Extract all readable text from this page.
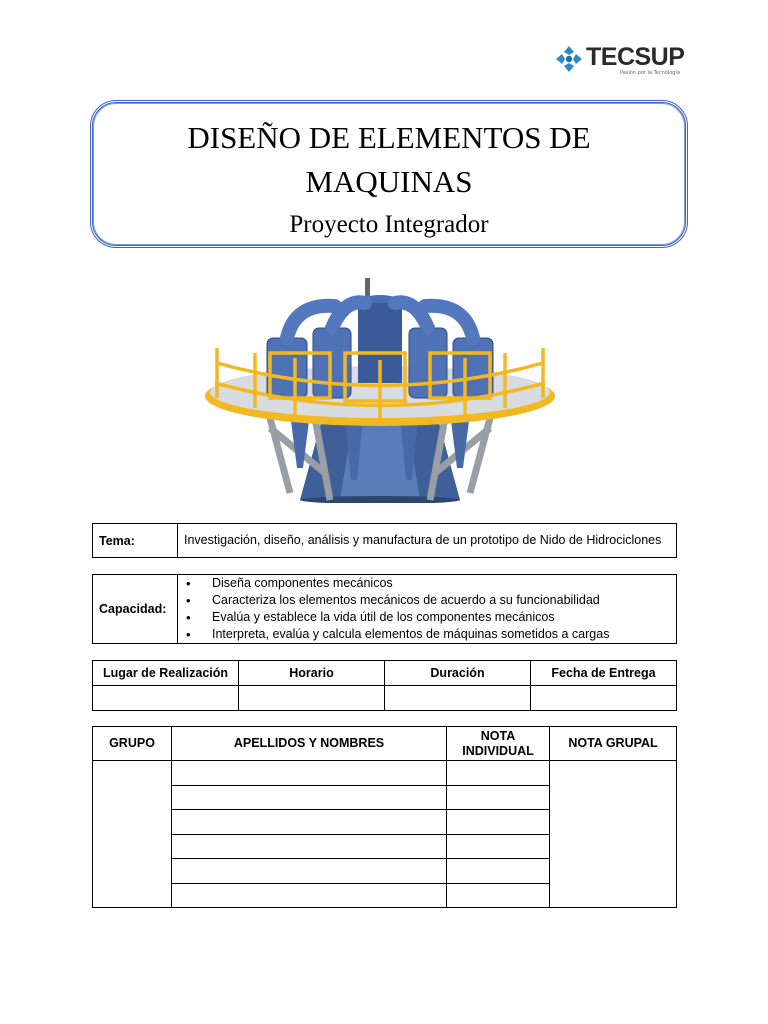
TECSUP
Pasión por la Tecnología
DISEÑO DE ELEMENTOS DE
MAQUINAS
Proyecto Integrador
Tema:	Investigación, diseño, análisis y manufactura de un prototipo de Nido de Hidrociclones
Capacidad:	
• Diseña componentes mecánicos
• Caracteriza los elementos mecánicos de acuerdo a su funcionabilidad
• Evalúa y establece la vida útil de los componentes mecánicos
• Interpreta, evalúa y calcula elementos de máquinas sometidos a cargas
Lugar de Realización	Horario	Duración	Fecha de Entrega

GRUPO	APELLIDOS Y NOMBRES	NOTA INDIVIDUAL	NOTA GRUPAL
